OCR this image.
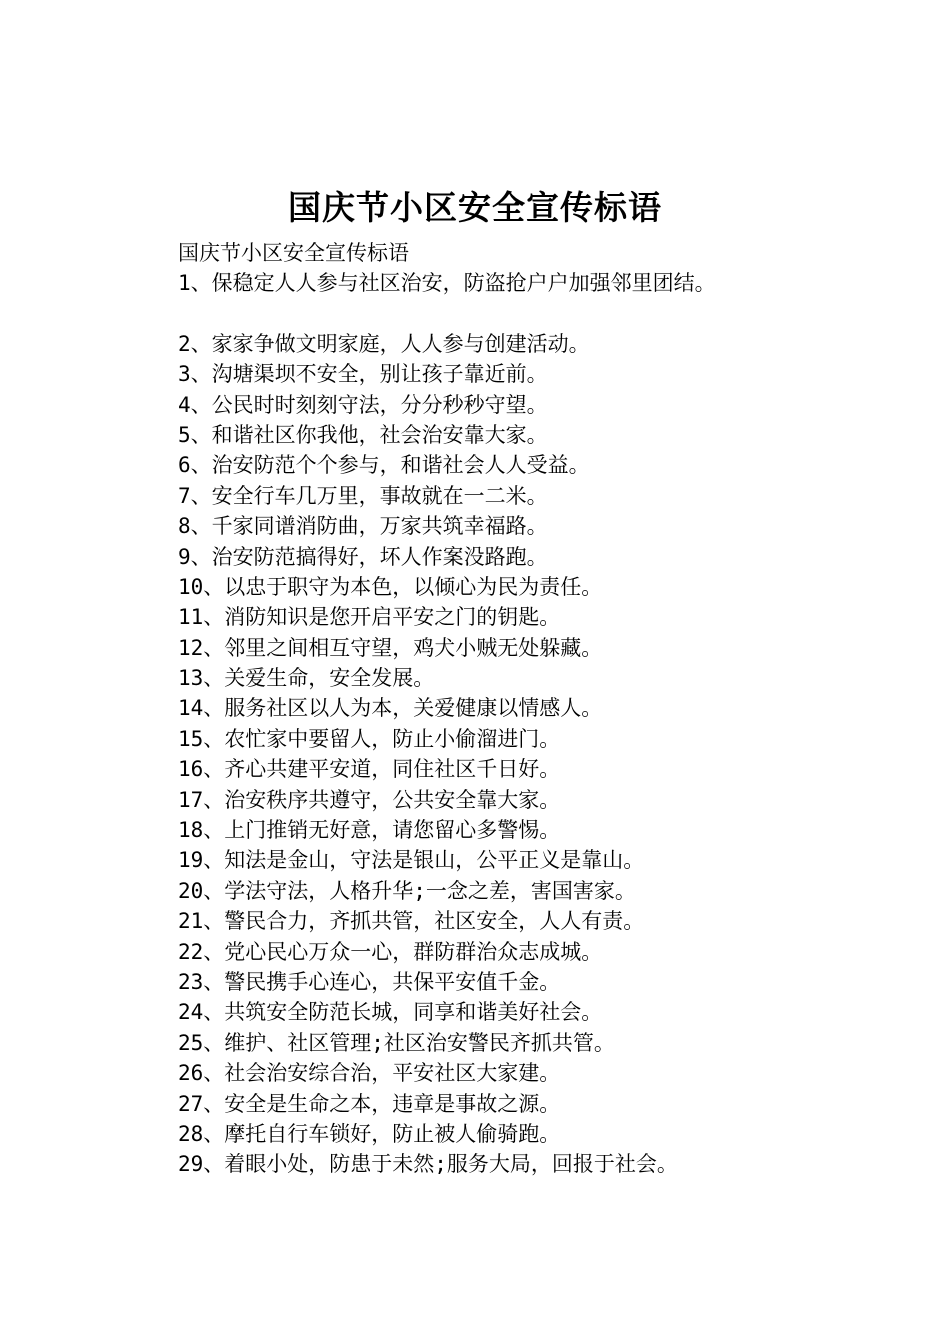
国庆节小区安全宣传标语
国庆节小区安全宣传标语
1、保稳定人人参与社区治安，防盗抢户户加强邻里团结。
2、家家争做文明家庭，人人参与创建活动。
3、沟塘渠坝不安全，别让孩子靠近前。
4、公民时时刻刻守法，分分秒秒守望。
5、和谐社区你我他，社会治安靠大家。
6、治安防范个个参与，和谐社会人人受益。
7、安全行车几万里，事故就在一二米。
8、千家同谱消防曲，万家共筑幸福路。
9、治安防范搞得好，坏人作案没路跑。
10、以忠于职守为本色，以倾心为民为责任。
11、消防知识是您开启平安之门的钥匙。
12、邻里之间相互守望，鸡犬小贼无处躲藏。
13、关爱生命，安全发展。
14、服务社区以人为本，关爱健康以情感人。
15、农忙家中要留人，防止小偷溜进门。
16、齐心共建平安道，同住社区千日好。
17、治安秩序共遵守，公共安全靠大家。
18、上门推销无好意，请您留心多警惕。
19、知法是金山，守法是银山，公平正义是靠山。
20、学法守法，人格升华;一念之差，害国害家。
21、警民合力，齐抓共管，社区安全，人人有责。
22、党心民心万众一心，群防群治众志成城。
23、警民携手心连心，共保平安值千金。
24、共筑安全防范长城，同享和谐美好社会。
25、维护、社区管理;社区治安警民齐抓共管。
26、社会治安综合治，平安社区大家建。
27、安全是生命之本，违章是事故之源。
28、摩托自行车锁好，防止被人偷骑跑。
29、着眼小处，防患于未然;服务大局，回报于社会。
